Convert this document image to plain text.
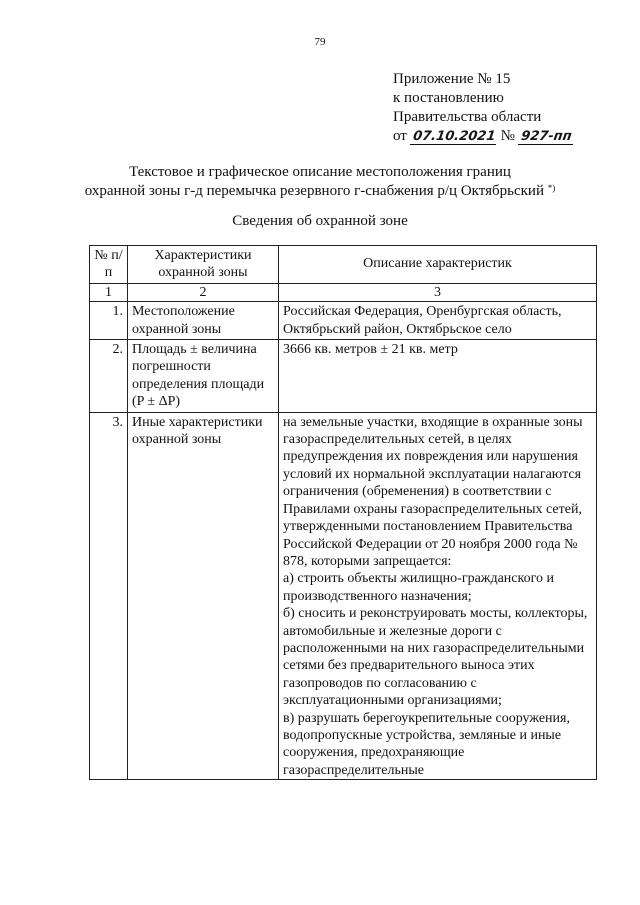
79
Приложение № 15
к постановлению
Правительства области
от
07.10.2021
№
927-пп
Текстовое и графическое описание местоположения границ
охранной зоны г-д перемычка резервного г-снабжения р/ц Октябрьский *)
Сведения об охранной зоне
№ п/п	Характеристики охранной зоны	Описание характеристик
1	2	3
1.	Местоположение охранной зоны	Российская Федерация, Оренбургская область, Октябрьский район, Октябрьское село
2.	Площадь ± величина погрешности определения площади (P ± ΔP)	3666 кв. метров ± 21 кв. метр
3.	Иные характеристики охранной зоны	на земельные участки, входящие в охранные зоны газораспределительных сетей, в целях предупреждения их повреждения или нарушения условий их нормальной эксплуатации налагаются ограничения (обременения) в соответствии с Правилами охраны газораспределительных сетей, утвержденными постановлением Правительства Российской Федерации от 20 ноября 2000 года № 878, которыми запрещается:
а) строить объекты жилищно-гражданского и производственного назначения;
б) сносить и реконструировать мосты, коллекторы, автомобильные и железные дороги с расположенными на них газораспределительными сетями без предварительного выноса этих газопроводов по согласованию с эксплуатационными организациями;
в) разрушать берегоукрепительные сооружения, водопропускные устройства, земляные и иные сооружения, предохраняющие газораспределительные
